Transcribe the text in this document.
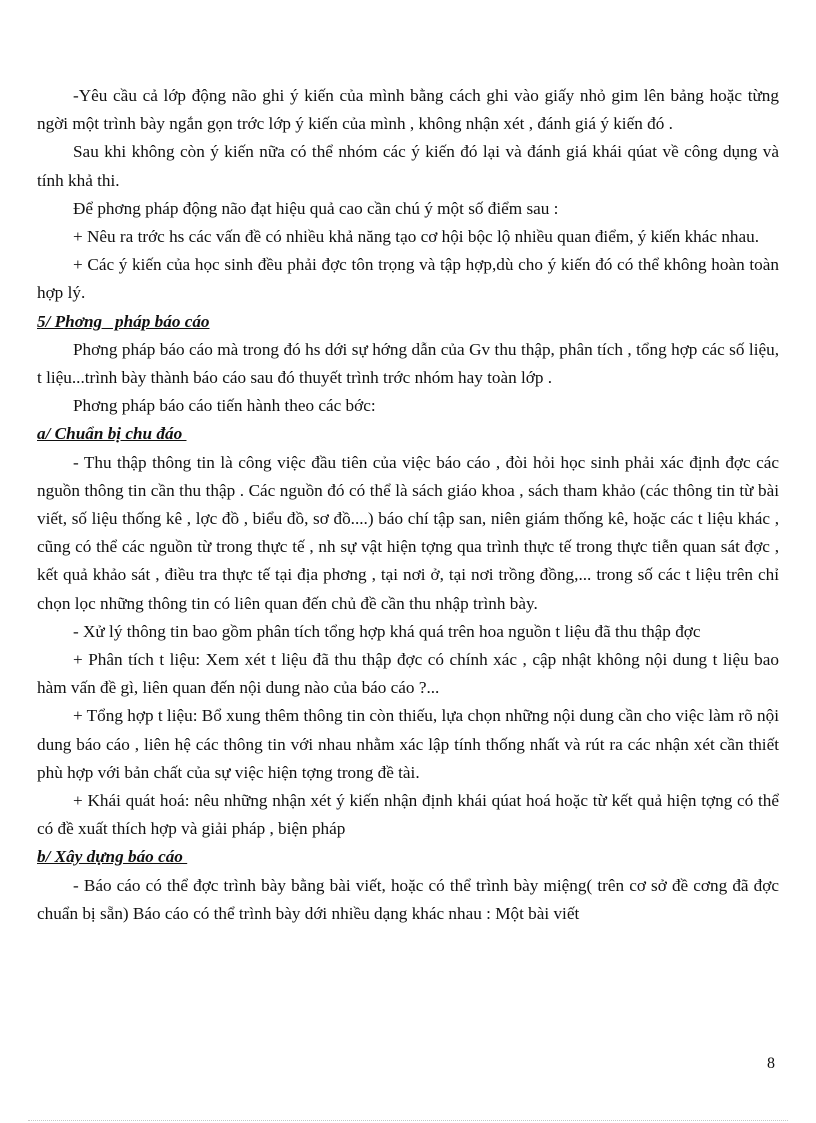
-Yêu cầu cả lớp động não ghi ý kiến của mình bằng cách ghi vào giấy nhỏ gim lên bảng hoặc từng ngời một trình bày ngắn gọn trớc lớp ý kiến của mình , không nhận xét , đánh giá ý kiến đó .

Sau khi không còn ý kiến nữa có thể nhóm các ý kiến đó lại và đánh giá khái qúat về công dụng và tính khả thi.

Để phơng pháp động não đạt hiệu quả cao cần chú ý một số điểm sau :

+ Nêu ra trớc hs các vấn đề có nhiều khả năng tạo cơ hội bộc lộ nhiều quan điểm, ý kiến khác nhau.

+ Các ý kiến của học sinh đều phải đợc tôn trọng và tập hợp,dù cho ý kiến đó có thể không hoàn toàn hợp lý.

5/ Phơng   pháp báo cáo

Phơng pháp báo cáo mà trong đó hs dới sự hớng dẫn của Gv thu thập, phân tích , tổng hợp các số liệu, t liệu...trình bày thành báo cáo sau đó thuyết trình trớc nhóm hay toàn lớp .

Phơng pháp báo cáo tiến hành theo các bớc:

a/ Chuẩn bị chu đáo

- Thu thập thông tin là công việc đầu tiên của việc báo cáo , đòi hỏi học sinh phải xác định đợc các nguồn thông tin cần thu thập . Các nguồn đó có thể là sách giáo khoa , sách tham khảo (các thông tin từ bài viết, số liệu thống kê , lợc đồ , biểu đồ, sơ đồ....) báo chí tập san, niên giám thống kê, hoặc các t liệu khác , cũng có thể các nguồn từ trong thực tế , nh sự vật hiện tợng qua trình thực tế trong thực tiễn quan sát đợc , kết quả khảo sát , điều tra thực tế tại địa phơng , tại nơi ở, tại nơi trồng đồng,... trong số các t liệu trên chỉ chọn lọc những thông tin có liên quan đến chủ đề cần thu nhập trình bày.

- Xử lý thông tin bao gồm phân tích tổng hợp khá quá trên hoa nguồn t liệu đã thu thập đợc

+ Phân tích t liệu: Xem xét t liệu đã thu thập đợc có chính xác , cập nhật không nội dung t liệu bao hàm vấn đề gì, liên quan đến nội dung nào của báo cáo ?...

+ Tổng hợp t liệu: Bổ xung thêm thông tin còn thiếu, lựa chọn những nội dung cần cho việc làm rõ nội dung báo cáo , liên hệ các thông tin với nhau nhằm xác lập tính thống nhất và rút ra các nhận xét cần thiết phù hợp với bản chất của sự việc hiện tợng trong đề tài.

+ Khái quát hoá: nêu những nhận xét ý kiến nhận định khái qúat hoá hoặc từ kết quả hiện tợng có thể có đề xuất thích hợp và giải pháp , biện pháp

b/ Xây dựng báo cáo

- Báo cáo có thể đợc trình bày bằng bài viết, hoặc có thể trình bày miệng( trên cơ sở đề cơng đã đợc chuẩn bị sẵn) Báo cáo có thể trình bày dới nhiều dạng khác nhau : Một bài viết

8
